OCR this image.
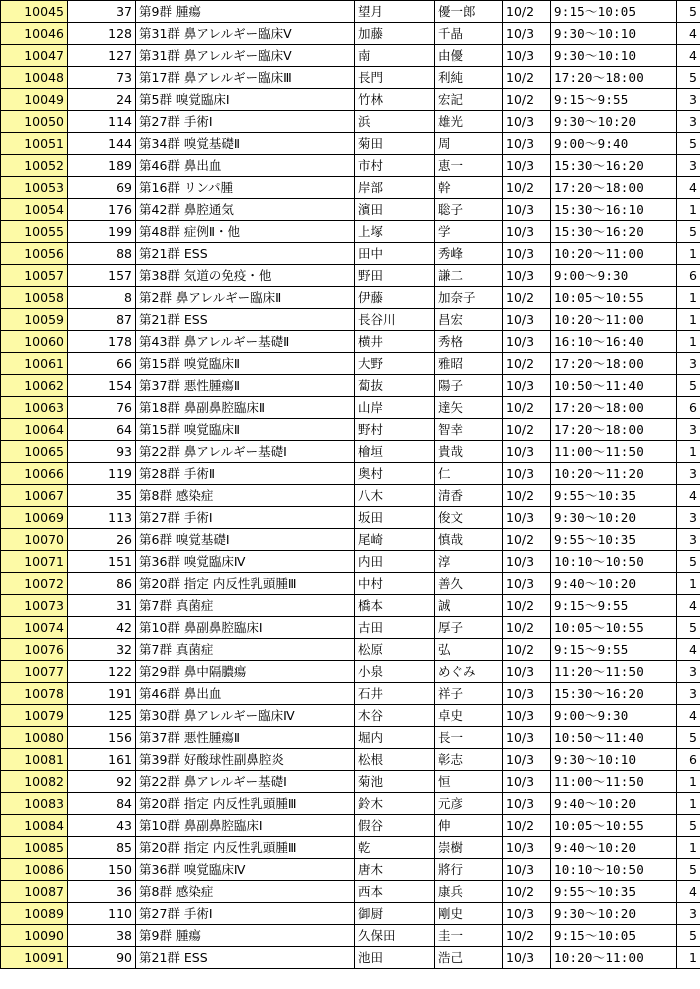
10045	37	第9群 腫瘍	望月	優一郎	10/2	9:15～10:05	5
10046	128	第31群 鼻アレルギー臨床Ⅴ	加藤	千晶	10/3	9:30～10:10	4
10047	127	第31群 鼻アレルギー臨床Ⅴ	南	由優	10/3	9:30～10:10	4
10048	73	第17群 鼻アレルギー臨床Ⅲ	長門	利純	10/2	17:20～18:00	5
10049	24	第5群 嗅覚臨床Ⅰ	竹林	宏記	10/2	9:15～9:55	3
10050	114	第27群 手術Ⅰ	浜	雄光	10/3	9:30～10:20	3
10051	144	第34群 嗅覚基礎Ⅱ	菊田	周	10/3	9:00～9:40	5
10052	189	第46群 鼻出血	市村	恵一	10/3	15:30～16:20	3
10053	69	第16群 リンパ腫	岸部	幹	10/2	17:20～18:00	4
10054	176	第42群 鼻腔通気	濱田	聡子	10/3	15:30～16:10	1
10055	199	第48群 症例Ⅱ・他	上塚	学	10/3	15:30～16:20	5
10056	88	第21群 ESS	田中	秀峰	10/3	10:20～11:00	1
10057	157	第38群 気道の免疫・他	野田	謙二	10/3	9:00～9:30	6
10058	8	第2群 鼻アレルギー臨床Ⅱ	伊藤	加奈子	10/2	10:05～10:55	1
10059	87	第21群 ESS	長谷川	昌宏	10/3	10:20～11:00	1
10060	178	第43群 鼻アレルギー基礎Ⅱ	横井	秀格	10/3	16:10～16:40	1
10061	66	第15群 嗅覚臨床Ⅱ	大野	雅昭	10/2	17:20～18:00	3
10062	154	第37群 悪性腫瘍Ⅱ	蔔抜	陽子	10/3	10:50～11:40	5
10063	76	第18群 鼻副鼻腔臨床Ⅱ	山岸	達矢	10/2	17:20～18:00	6
10064	64	第15群 嗅覚臨床Ⅱ	野村	智幸	10/2	17:20～18:00	3
10065	93	第22群 鼻アレルギー基礎Ⅰ	檜垣	貴哉	10/3	11:00～11:50	1
10066	119	第28群 手術Ⅱ	奥村	仁	10/3	10:20～11:20	3
10067	35	第8群 感染症	八木	清香	10/2	9:55～10:35	4
10069	113	第27群 手術Ⅰ	坂田	俊文	10/3	9:30～10:20	3
10070	26	第6群 嗅覚基礎Ⅰ	尾崎	慎哉	10/2	9:55～10:35	3
10071	151	第36群 嗅覚臨床Ⅳ	内田	淳	10/3	10:10～10:50	5
10072	86	第20群 指定 内反性乳頭腫Ⅲ	中村	善久	10/3	9:40～10:20	1
10073	31	第7群 真菌症	橋本	誠	10/2	9:15～9:55	4
10074	42	第10群 鼻副鼻腔臨床Ⅰ	古田	厚子	10/2	10:05～10:55	5
10076	32	第7群 真菌症	松原	弘	10/2	9:15～9:55	4
10077	122	第29群 鼻中隔膿瘍	小泉	めぐみ	10/3	11:20～11:50	3
10078	191	第46群 鼻出血	石井	祥子	10/3	15:30～16:20	3
10079	125	第30群 鼻アレルギー臨床Ⅳ	木谷	卓史	10/3	9:00～9:30	4
10080	156	第37群 悪性腫瘍Ⅱ	堀内	長一	10/3	10:50～11:40	5
10081	161	第39群 好酸球性副鼻腔炎	松根	彰志	10/3	9:30～10:10	6
10082	92	第22群 鼻アレルギー基礎Ⅰ	菊池	恒	10/3	11:00～11:50	1
10083	84	第20群 指定 内反性乳頭腫Ⅲ	鈴木	元彦	10/3	9:40～10:20	1
10084	43	第10群 鼻副鼻腔臨床Ⅰ	假谷	伸	10/2	10:05～10:55	5
10085	85	第20群 指定 内反性乳頭腫Ⅲ	乾	崇樹	10/3	9:40～10:20	1
10086	150	第36群 嗅覚臨床Ⅳ	唐木	將行	10/3	10:10～10:50	5
10087	36	第8群 感染症	西本	康兵	10/2	9:55～10:35	4
10089	110	第27群 手術Ⅰ	御厨	剛史	10/3	9:30～10:20	3
10090	38	第9群 腫瘍	久保田	圭一	10/2	9:15～10:05	5
10091	90	第21群 ESS	池田	浩己	10/3	10:20～11:00	1
